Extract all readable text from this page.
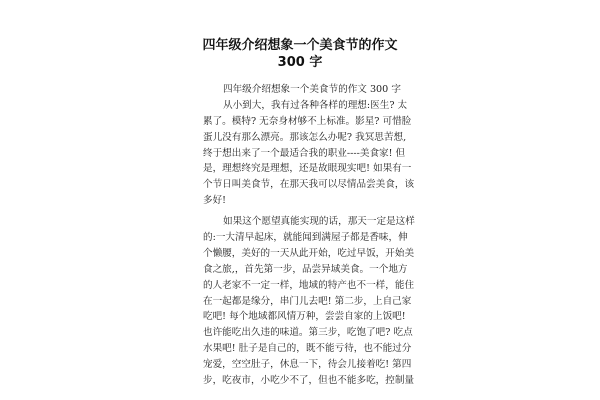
四年级介绍想象一个美食节的作文
300 字
四年级介绍想象一个美食节的作文 300 字
从小到大，我有过各种各样的理想:医生? 太
累了。模特? 无奈身材够不上标准。影星? 可惜脸
蛋儿没有那么漂亮。那该怎么办呢? 我冥思苦想,
终于想出来了一个最适合我的职业----美食家! 但
是，理想终究是理想，还是故眼现实吧! 如果有一
个节日叫美食节，在那天我可以尽情品尝美食，该
多好!
如果这个愿望真能实现的话，那天一定是这样
的:一大清早起床，就能闻到满屋子都是香味，伸
个懒腰，美好的一天从此开始，吃过早饭，开始美
食之旅,，首先第一步，品尝异域美食。一个地方
的人老家不一定一样，地域的特产也不一样，能住
在一起都是缘分，串门儿去吧! 第二步，上自己家
吃吧! 每个地域都风情万种，尝尝自家的上饭吧!
也许能吃出久违的味道。第三步，吃饱了吧? 吃点
水果吧! 肚子是自己的，既不能亏待，也不能过分
宠爱，空空肚子，休息一下，待会儿接着吃! 第四
步，吃夜市，小吃少不了，但也不能多吃，控制量
